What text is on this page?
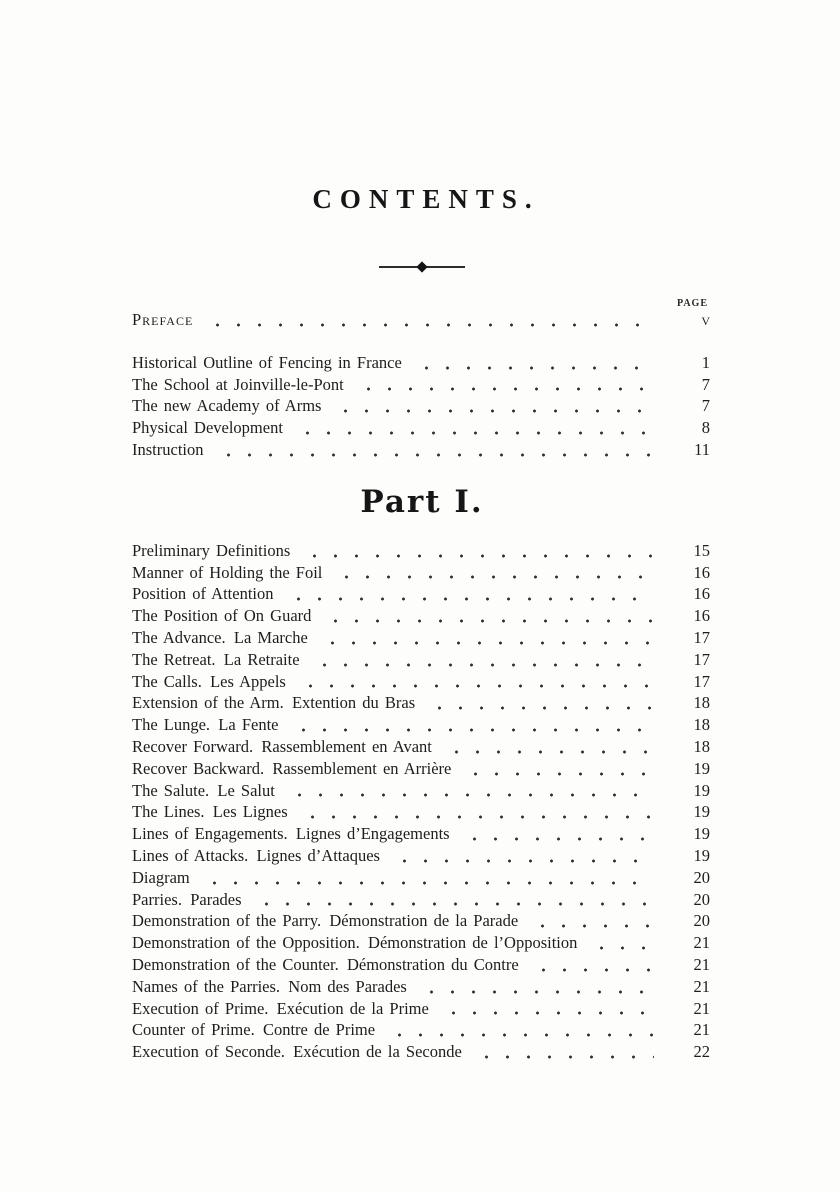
CONTENTS.
PAGE
Preface	v
Historical Outline of Fencing in France	1
The School at Joinville-le-Pont	7
The new Academy of Arms	7
Physical Development	8
Instruction	11
Part I.
Preliminary Definitions	15
Manner of Holding the Foil	16
Position of Attention	16
The Position of On Guard	16
The Advance. La Marche	17
The Retreat. La Retraite	17
The Calls. Les Appels	17
Extension of the Arm. Extention du Bras	18
The Lunge. La Fente	18
Recover Forward. Rassemblement en Avant	18
Recover Backward. Rassemblement en Arrière	19
The Salute. Le Salut	19
The Lines. Les Lignes	19
Lines of Engagements. Lignes d’Engagements	19
Lines of Attacks. Lignes d’Attaques	19
Diagram	20
Parries. Parades	20
Demonstration of the Parry. Démonstration de la Parade	20
Demonstration of the Opposition. Démonstration de l’Opposition	21
Demonstration of the Counter. Démonstration du Contre	21
Names of the Parries. Nom des Parades	21
Execution of Prime. Exécution de la Prime	21
Counter of Prime. Contre de Prime	21
Execution of Seconde. Exécution de la Seconde	22
